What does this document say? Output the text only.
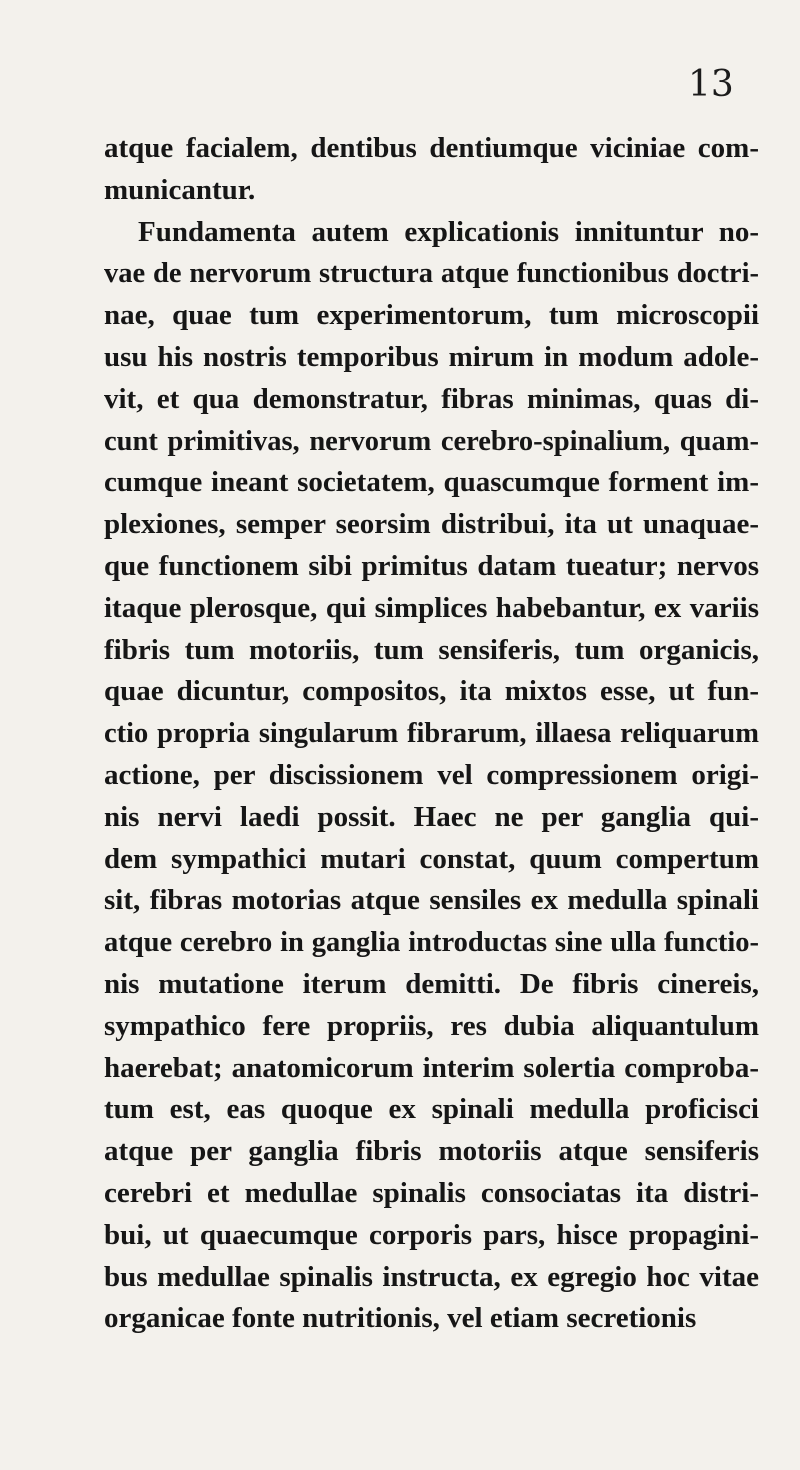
13

atque facialem, dentibus dentiumque viciniae com-
municantur.
Fundamenta autem explicationis innituntur no-
vae de nervorum structura atque functionibus doctri-
nae, quae tum experimentorum, tum microscopii
usu his nostris temporibus mirum in modum adole-
vit, et qua demonstratur, fibras minimas, quas di-
cunt primitivas, nervorum cerebro-spinalium, quam-
cumque ineant societatem, quascumque forment im-
plexiones, semper seorsim distribui, ita ut unaquae-
que functionem sibi primitus datam tueatur; nervos
itaque plerosque, qui simplices habebantur, ex variis
fibris tum motoriis, tum sensiferis, tum organicis,
quae dicuntur, compositos, ita mixtos esse, ut fun-
ctio propria singularum fibrarum, illaesa reliquarum
actione, per discissionem vel compressionem origi-
nis nervi laedi possit. Haec ne per ganglia qui-
dem sympathici mutari constat, quum compertum
sit, fibras motorias atque sensiles ex medulla spinali
atque cerebro in ganglia introductas sine ulla functio-
nis mutatione iterum demitti. De fibris cinereis,
sympathico fere propriis, res dubia aliquantulum
haerebat; anatomicorum interim solertia comproba-
tum est, eas quoque ex spinali medulla proficisci
atque per ganglia fibris motoriis atque sensiferis
cerebri et medullae spinalis consociatas ita distri-
bui, ut quaecumque corporis pars, hisce propagini-
bus medullae spinalis instructa, ex egregio hoc vitae
organicae fonte nutritionis, vel etiam secretionis
